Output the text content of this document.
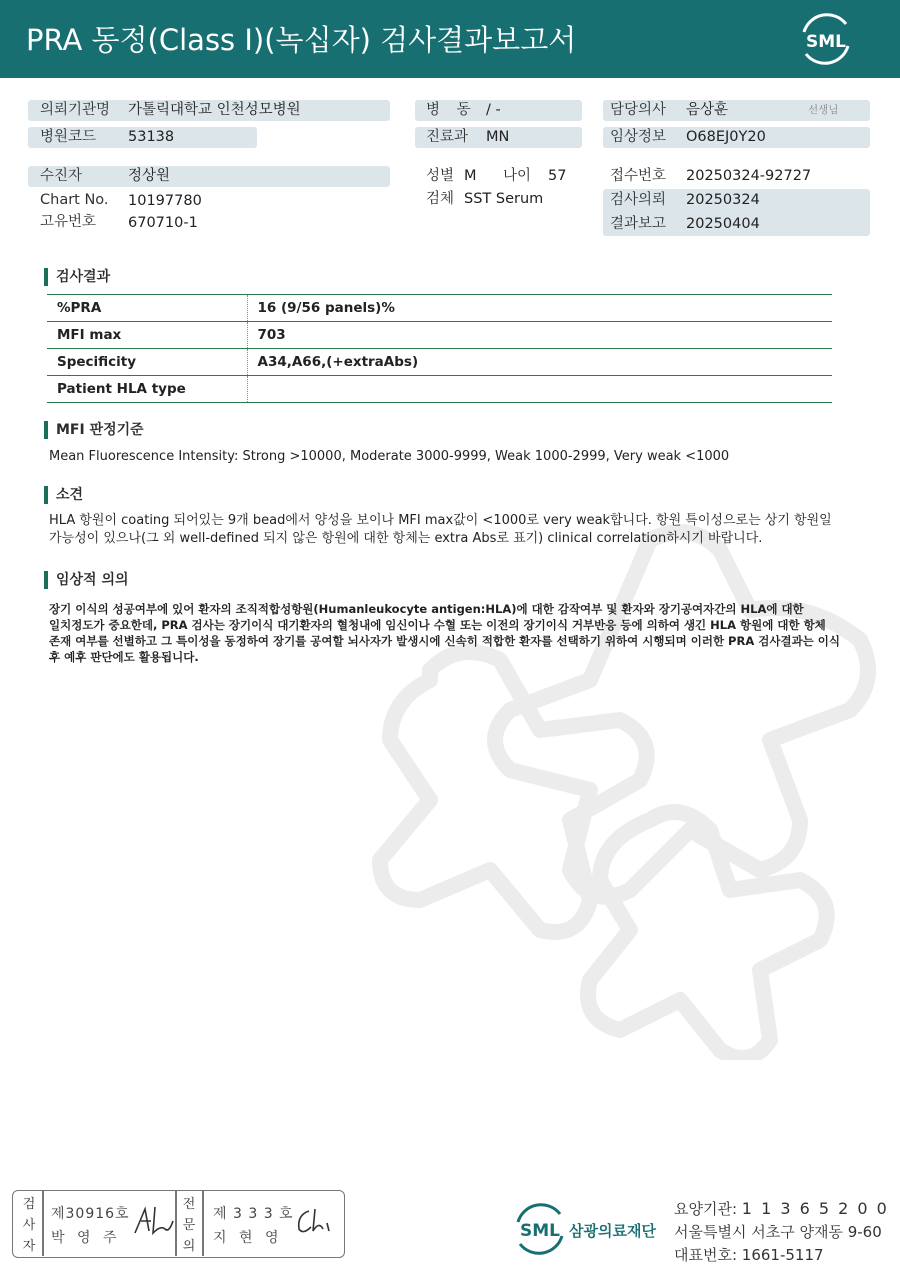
PRA 동정(Class I)(녹십자) 검사결과보고서	SML
의뢰기관명 가톨릭대학교 인천성모병원
병원코드 53138
병 동 / -
진료과 MN
담당의사 음상훈	선생님
임상정보 O68EJ0Y20
수진자	정상원
Chart No. 10197780
고유번호 670710-1
성별 M 나이 57
검체 SST Serum
접수번호 20250324-92727
검사의뢰 20250324
결과보고 20250404
검사결과
%PRA	16 (9/56 panels)%
MFI max	703
Specificity	A34,A66,(+extraAbs)
Patient HLA type	
MFI 판정기준
Mean Fluorescence Intensity: Strong >10000, Moderate 3000-9999, Weak 1000-2999, Very weak <1000
소견
HLA 항원이 coating 되어있는 9개 bead에서 양성을 보이나 MFI max값이 <1000로 very weak합니다. 항원 특이성으로는 상기 항원일
가능성이 있으나(그 외 well-defined 되지 않은 항원에 대한 항체는 extra Abs로 표기) clinical correlation하시기 바랍니다.
임상적 의의
장기 이식의 성공여부에 있어 환자의 조직적합성항원(Humanleukocyte antigen:HLA)에 대한 감작여부 및 환자와 장기공여자간의 HLA에 대한
일치정도가 중요한데, PRA 검사는 장기이식 대기환자의 혈청내에 임신이나 수혈 또는 이전의 장기이식 거부반응 등에 의하여 생긴 HLA 항원에 대한 항체
존재 여부를 선별하고 그 특이성을 동정하여 장기를 공여할 뇌사자가 발생시에 신속히 적합한 환자를 선택하기 위하여 시행되며 이러한 PRA 검사결과는 이식
후 예후 판단에도 활용됩니다.
검
사
자
제30916호
박 영 주
전
문
의
제 3 3 3 호
지 현 영	SML 삼광의료재단
요양기관: 1 1 3 6 5 2 0 0
서울특별시 서초구 양재동 9-60
대표번호: 1661-5117
